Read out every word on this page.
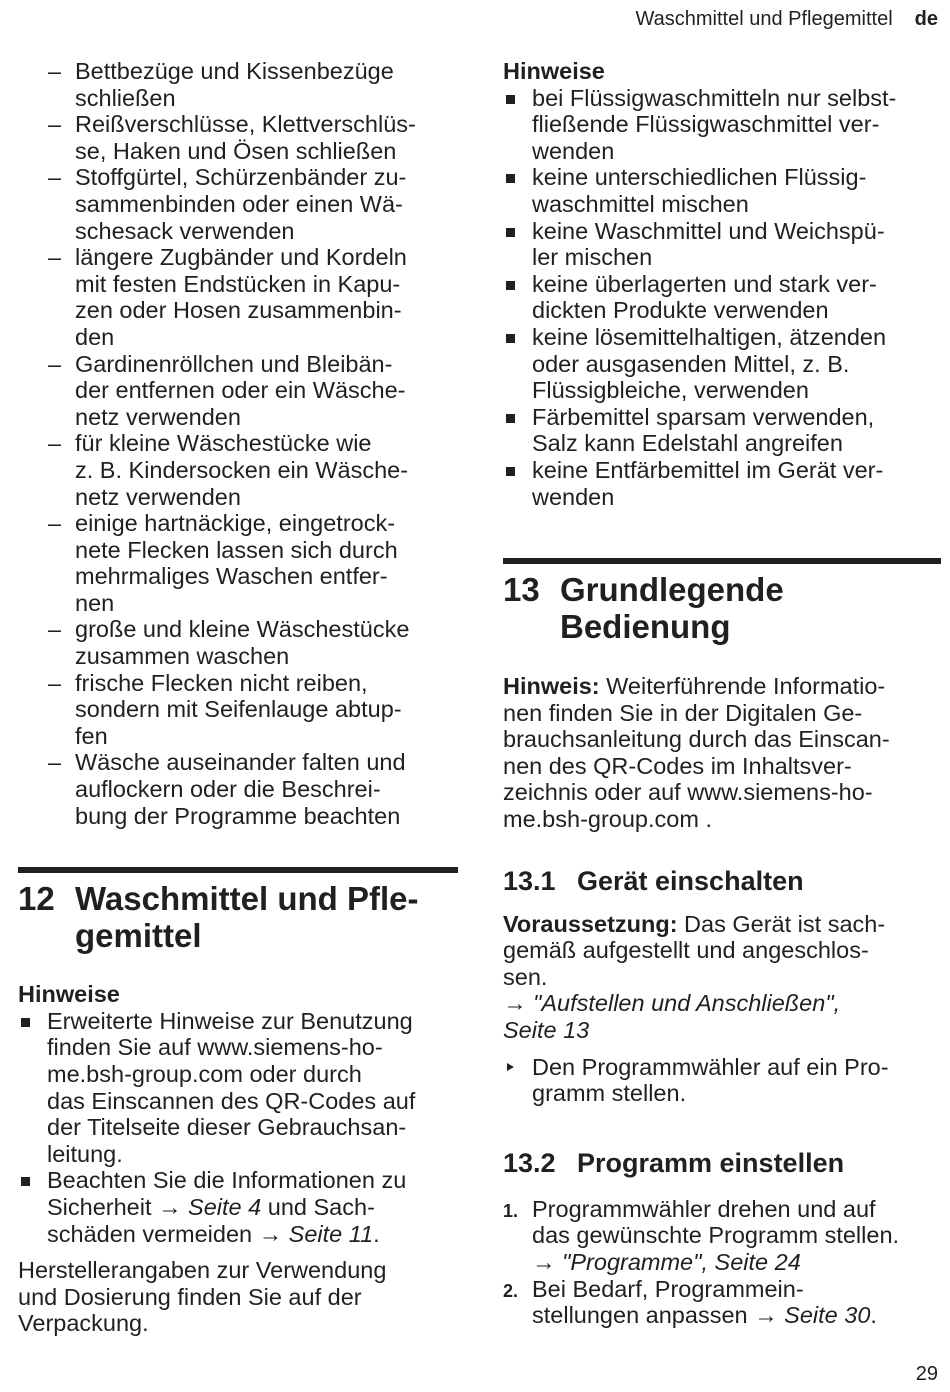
Waschmittel und Pflegemittel de
– Bettbezüge und Kissenbezüge
schließen
– Reißverschlüsse, Klettverschlüs-
se, Haken und Ösen schließen
– Stoffgürtel, Schürzenbänder zu-
sammenbinden oder einen Wä-
schesack verwenden
– längere Zugbänder und Kordeln
mit festen Endstücken in Kapu-
zen oder Hosen zusammenbin-
den
– Gardinenröllchen und Bleibän-
der entfernen oder ein Wäsche-
netz verwenden
– für kleine Wäschestücke wie
z. B. Kindersocken ein Wäsche-
netz verwenden
– einige hartnäckige, eingetrock-
nete Flecken lassen sich durch
mehrmaliges Waschen entfer-
nen
– große und kleine Wäschestücke
zusammen waschen
– frische Flecken nicht reiben,
sondern mit Seifenlauge abtup-
fen
– Wäsche auseinander falten und
auflockern oder die Beschrei-
bung der Programme beachten
12 Waschmittel und Pfle-
gemittel
Hinweise
Erweiterte Hinweise zur Benutzung
finden Sie auf www.siemens-ho-
me.bsh-group.com oder durch
das Einscannen des QR-Codes auf
der Titelseite dieser Gebrauchsan-
leitung.
Beachten Sie die Informationen zu
Sicherheit → Seite 4 und Sach-
schäden vermeiden → Seite 11.
Herstellerangaben zur Verwendung
und Dosierung finden Sie auf der
Verpackung.
Hinweise
bei Flüssigwaschmitteln nur selbst-
fließende Flüssigwaschmittel ver-
wenden
keine unterschiedlichen Flüssig-
waschmittel mischen
keine Waschmittel und Weichspü-
ler mischen
keine überlagerten und stark ver-
dickten Produkte verwenden
keine lösemittelhaltigen, ätzenden
oder ausgasenden Mittel, z. B.
Flüssigbleiche, verwenden
Färbemittel sparsam verwenden,
Salz kann Edelstahl angreifen
keine Entfärbemittel im Gerät ver-
wenden
13 Grundlegende
Bedienung
Hinweis: Weiterführende Informatio-
nen finden Sie in der Digitalen Ge-
brauchsanleitung durch das Einscan-
nen des QR-Codes im Inhaltsver-
zeichnis oder auf www.siemens-ho-
me.bsh-group.com .
13.1 Gerät einschalten
Voraussetzung: Das Gerät ist sach-
gemäß aufgestellt und angeschlos-
sen.
→ "Aufstellen und Anschließen",
Seite 13
Den Programmwähler auf ein Pro-
gramm stellen.
13.2 Programm einstellen
1. Programmwähler drehen und auf
das gewünschte Programm stellen.
→ "Programme", Seite 24
2. Bei Bedarf, Programmein-
stellungen anpassen → Seite 30.
29
